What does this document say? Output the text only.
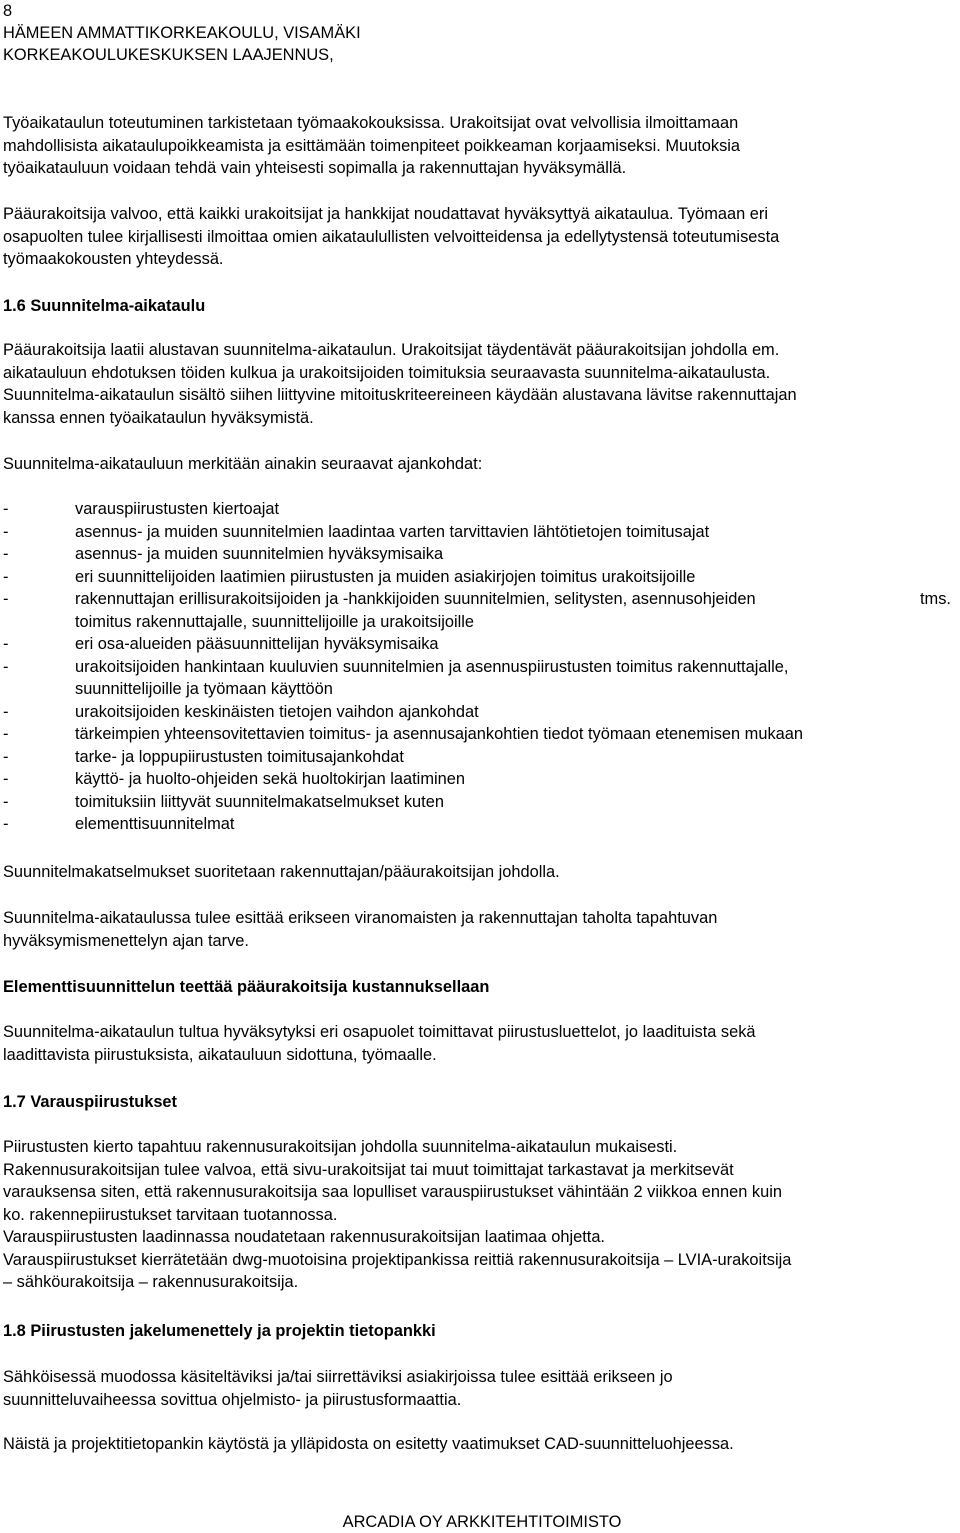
8
HÄMEEN AMMATTIKORKEAKOULU, VISAMÄKI
KORKEAKOULUKESKUKSEN LAAJENNUS,
Työaikataulun toteutuminen tarkistetaan työmaakokouksissa. Urakoitsijat ovat velvollisia ilmoittamaan
mahdollisista aikataulupoikkeamista ja esittämään toimenpiteet poikkeaman korjaamiseksi. Muutoksia
työaikatauluun voidaan tehdä vain yhteisesti sopimalla ja rakennuttajan hyväksymällä.
Pääurakoitsija valvoo, että kaikki urakoitsijat ja hankkijat noudattavat hyväksyttyä aikataulua. Työmaan eri
osapuolten tulee kirjallisesti ilmoittaa omien aikataulullisten velvoitteidensa ja edellytystensä toteutumisesta
työmaakokousten yhteydessä.
1.6 Suunnitelma-aikataulu
Pääurakoitsija laatii alustavan suunnitelma-aikataulun. Urakoitsijat täydentävät pääurakoitsijan johdolla em.
aikatauluun ehdotuksen töiden kulkua ja urakoitsijoiden toimituksia seuraavasta suunnitelma-aikataulusta.
Suunnitelma-aikataulun sisältö siihen liittyvine mitoituskriteereineen käydään alustavana lävitse rakennuttajan
kanssa ennen työaikataulun hyväksymistä.
Suunnitelma-aikatauluun merkitään ainakin seuraavat ajankohdat:
-	varauspiirustusten kiertoajat
-	asennus- ja muiden suunnitelmien laadintaa varten tarvittavien lähtötietojen toimitusajat
-	asennus- ja muiden suunnitelmien hyväksymisaika
-	eri suunnittelijoiden laatimien piirustusten ja muiden asiakirjojen toimitus urakoitsijoille
-	rakennuttajan erillisurakoitsijoiden ja -hankkijoiden suunnitelmien, selitysten, asennusohjeiden	tms.
toimitus rakennuttajalle, suunnittelijoille ja urakoitsijoille
-	eri osa-alueiden pääsuunnittelijan hyväksymisaika
-	urakoitsijoiden hankintaan kuuluvien suunnitelmien ja asennuspiirustusten toimitus rakennuttajalle,
suunnittelijoille ja työmaan käyttöön
-	urakoitsijoiden keskinäisten tietojen vaihdon ajankohdat
-	tärkeimpien yhteensovitettavien toimitus- ja asennusajankohtien tiedot työmaan etenemisen mukaan
-	tarke- ja loppupiirustusten toimitusajankohdat
-	käyttö- ja huolto-ohjeiden sekä huoltokirjan laatiminen
-	toimituksiin liittyvät suunnitelmakatselmukset kuten
-	elementtisuunnitelmat
Suunnitelmakatselmukset suoritetaan rakennuttajan/pääurakoitsijan johdolla.
Suunnitelma-aikataulussa tulee esittää erikseen viranomaisten ja rakennuttajan taholta tapahtuvan
hyväksymismenettelyn ajan tarve.
Elementtisuunnittelun teettää pääurakoitsija kustannuksellaan
Suunnitelma-aikataulun tultua hyväksytyksi eri osapuolet toimittavat piirustusluettelot, jo laadituista sekä
laadittavista piirustuksista, aikatauluun sidottuna, työmaalle.
1.7 Varauspiirustukset
Piirustusten kierto tapahtuu rakennusurakoitsijan johdolla suunnitelma-aikataulun mukaisesti.
Rakennusurakoitsijan tulee valvoa, että sivu-urakoitsijat tai muut toimittajat tarkastavat ja merkitsevät
varauksensa siten, että rakennusurakoitsija saa lopulliset varauspiirustukset vähintään 2 viikkoa ennen kuin
ko. rakennepiirustukset tarvitaan tuotannossa.
Varauspiirustusten laadinnassa noudatetaan rakennusurakoitsijan laatimaa ohjetta.
Varauspiirustukset kierrätetään dwg-muotoisina projektipankissa reittiä rakennusurakoitsija – LVIA-urakoitsija
– sähköurakoitsija – rakennusurakoitsija.
1.8 Piirustusten jakelumenettely ja projektin tietopankki
Sähköisessä muodossa käsiteltäviksi ja/tai siirrettäviksi asiakirjoissa tulee esittää erikseen jo
suunnitteluvaiheessa sovittua ohjelmisto- ja piirustusformaattia.
Näistä ja projektitietopankin käytöstä ja ylläpidosta on esitetty vaatimukset CAD-suunnitteluohjeessa.
ARCADIA OY ARKKITEHTITOIMISTO
